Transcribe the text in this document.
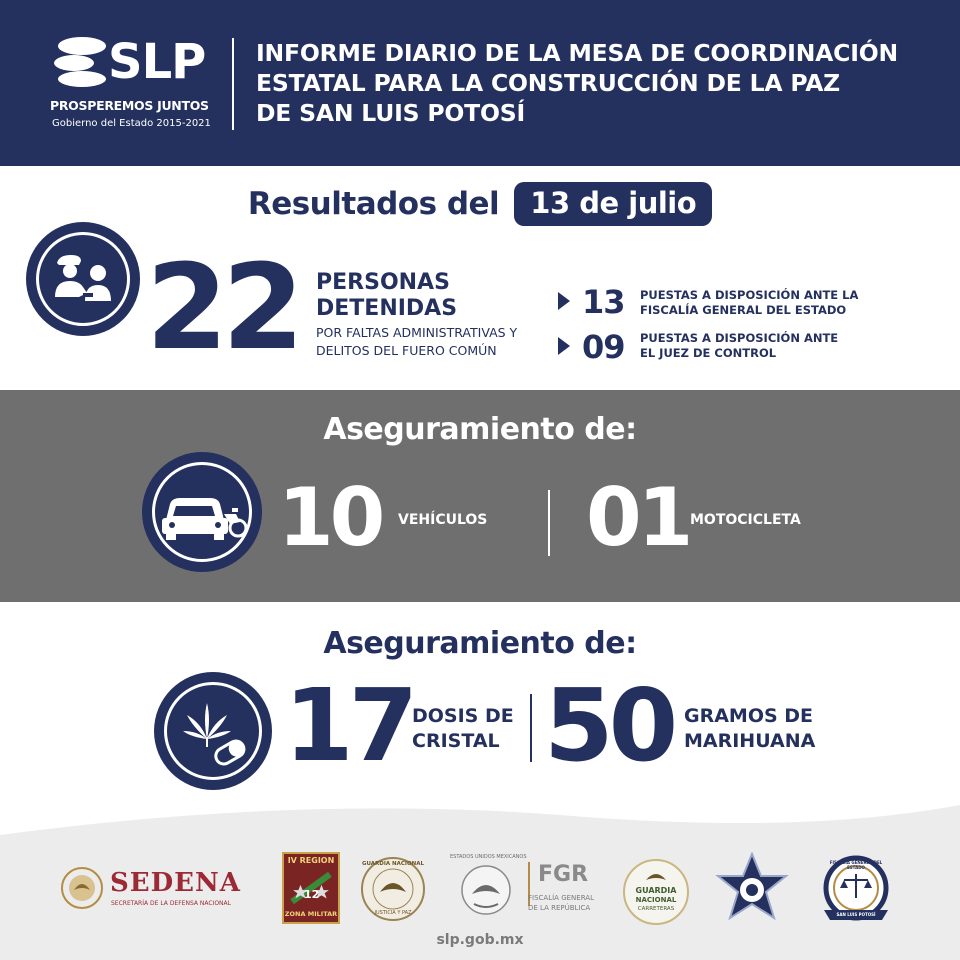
SLP
PROSPEREMOS JUNTOS
Gobierno del Estado 2015-2021
INFORME DIARIO DE LA MESA DE COORDINACIÓN
ESTATAL PARA LA CONSTRUCCIÓN DE LA PAZ
DE SAN LUIS POTOSÍ
Resultados del 13 de julio
22 PERSONAS
DETENIDAS
POR FALTAS ADMINISTRATIVAS Y
DELITOS DEL FUERO COMÚN
13 PUESTAS A DISPOSICIÓN ANTE LA
FISCALÍA GENERAL DEL ESTADO
09 PUESTAS A DISPOSICIÓN ANTE
EL JUEZ DE CONTROL
Aseguramiento de:
10 VEHÍCULOS 01 MOTOCICLETA
Aseguramiento de:
17
DOSIS DE
CRISTAL 50 GRAMOS DE
MARIHUANA
SEDENA
SECRETARÍA DE LA DEFENSA NACIONAL
IV REGION
12
ZONA MILITAR
GUARDIA NACIONAL
JUSTICIA Y PAZ
ESTADOS UNIDOS MEXICANOS
FGR
FISCALÍA GENERAL
DE LA REPÚBLICA
GUARDIA
NACIONAL
CARRETERAS
FISCALÍA GENERAL DEL ESTADO
SAN LUIS POTOSÍ
slp.gob.mx
